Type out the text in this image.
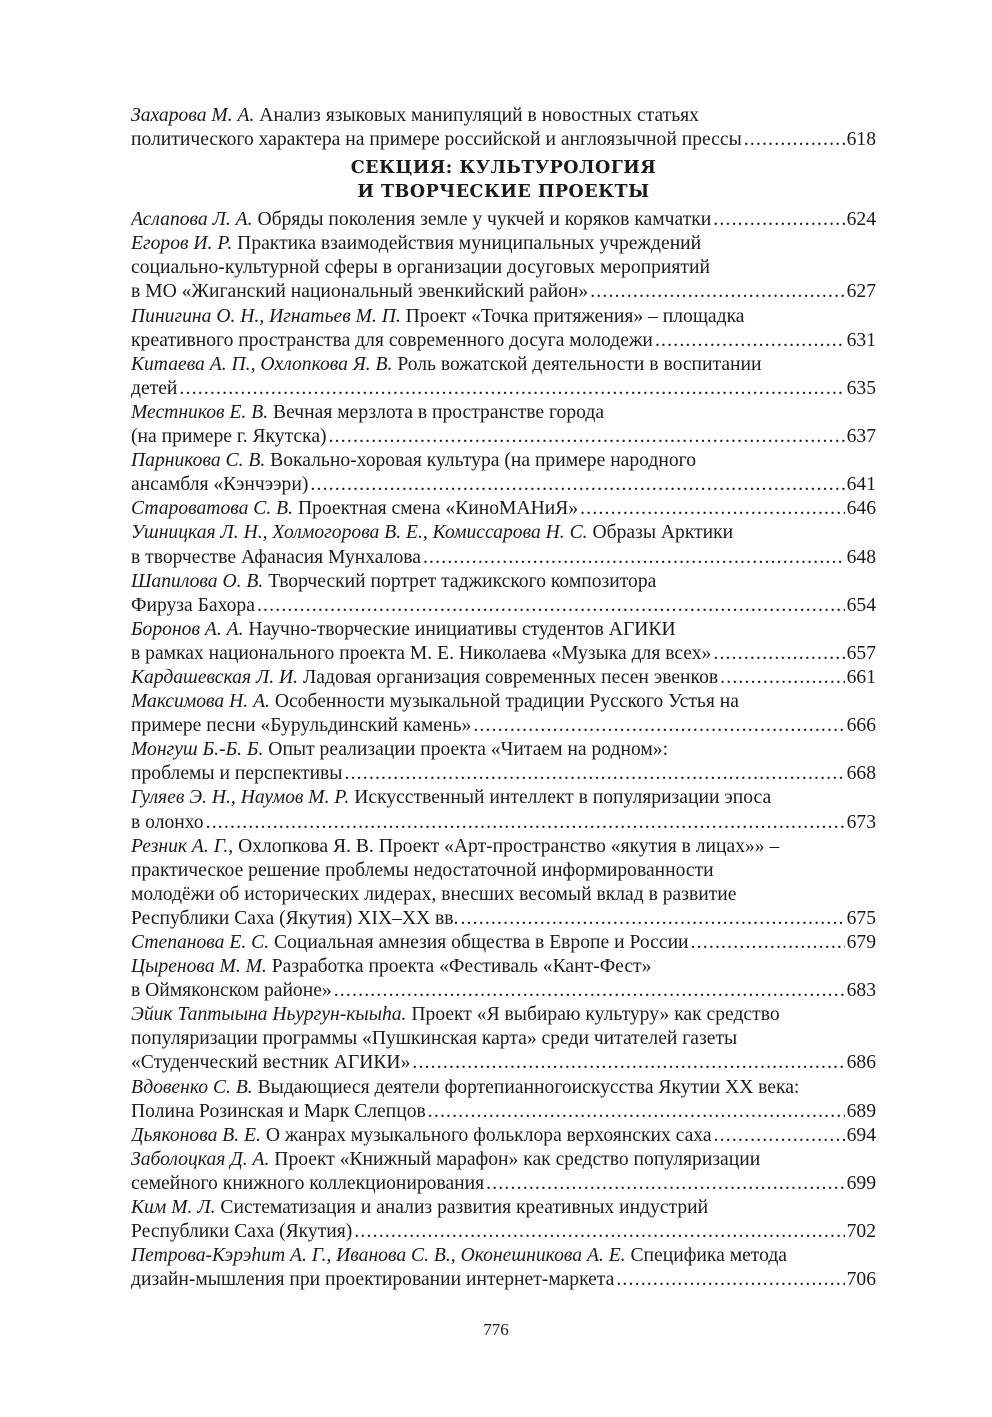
Захарова М. А. Анализ языковых манипуляций в новостных статьях
политического характера на примере российской и англоязычной прессы .....	618
СЕКЦИЯ: КУЛЬТУРОЛОГИЯ
И ТВОРЧЕСКИЕ ПРОЕКТЫ
Аслапова Л. А. Обряды поколения земле у чукчей и коряков камчатки .....	624
Егоров И. Р. Практика взаимодействия муниципальных учреждений
социально-культурной сферы в организации досуговых мероприятий
в МО «Жиганский национальный эвенкийский район» .....	627
Пинигина О. Н., Игнатьев М. П. Проект «Точка притяжения» – площадка
креативного пространства для современного досуга молодежи .....	631
Китаева А. П., Охлопкова Я. В. Роль вожатской деятельности в воспитании
детей .....	635
Местников Е. В. Вечная мерзлота в пространстве города
(на примере г. Якутска) .....	637
Парникова С. В. Вокально-хоровая культура (на примере народного
ансамбля «Кэнчээри) .....	641
Старoватова С. В. Проектная смена «КиноМАНиЯ» .....	646
Ушницкая Л. Н., Холмогорова В. Е., Комиссарова Н. С. Образы Арктики
в творчестве Афанасия Мунхалова .....	648
Шапилова О. В. Творческий портрет таджикского композитора
Фируза Бахора .....	654
Боронов А. А. Научно-творческие инициативы студентов АГИКИ
в рамках национального проекта М. Е. Николаева «Музыка для всех» .....	657
Кардашевская Л. И. Ладовая организация современных песен эвенков .....	661
Максимова Н. А. Особенности музыкальной традиции Русского Устья на
примере песни «Бурульдинский камень» .....	666
Монгуш Б.-Б. Б. Опыт реализации проекта «Читаем на родном»:
проблемы и перспективы .....	668
Гуляев Э. Н., Наумов М. Р. Искусственный интеллект в популяризации эпоса
в олонхо .....	673
Резник А. Г., Охлопкова Я. В. Проект «Арт-пространство «якутия в лицах»» –
практическое решение проблемы недостаточной информированности
молодёжи об исторических лидерах, внесших весомый вклад в развитие
Республики Саха (Якутия) XIX–XX вв. .....	675
Степанова Е. С. Социальная амнезия общества в Европе и России .....	679
Цыренова М. М. Разработка проекта «Фестиваль «Кант-Фест»
в Оймяконском районе» .....	683
Эйик Таптыына Ньургун-кыыhа. Проект «Я выбираю культуру» как средство
популяризации программы «Пушкинская карта» среди читателей газеты
«Студенческий вестник АГИКИ» .....	686
Вдовенко С. В. Выдающиеся деятели фортепианногоискусства Якутии XX века:
Полина Розинская и Марк Слепцов .....	689
Дьяконова В. Е. О жанрах музыкального фольклора верхоянских саха .....	694
Заболоцкая Д. А. Проект «Книжный марафон» как средство популяризации
семейного книжного коллекционирования .....	699
Ким М. Л. Систематизация и анализ развития креативных индустрий
Республики Саха (Якутия) .....	702
Петрова-Кэрэhит А. Г., Иванова С. В., Оконешникова А. Е. Специфика метода
дизайн-мышления при проектировании интернет-маркета .....	706
776
